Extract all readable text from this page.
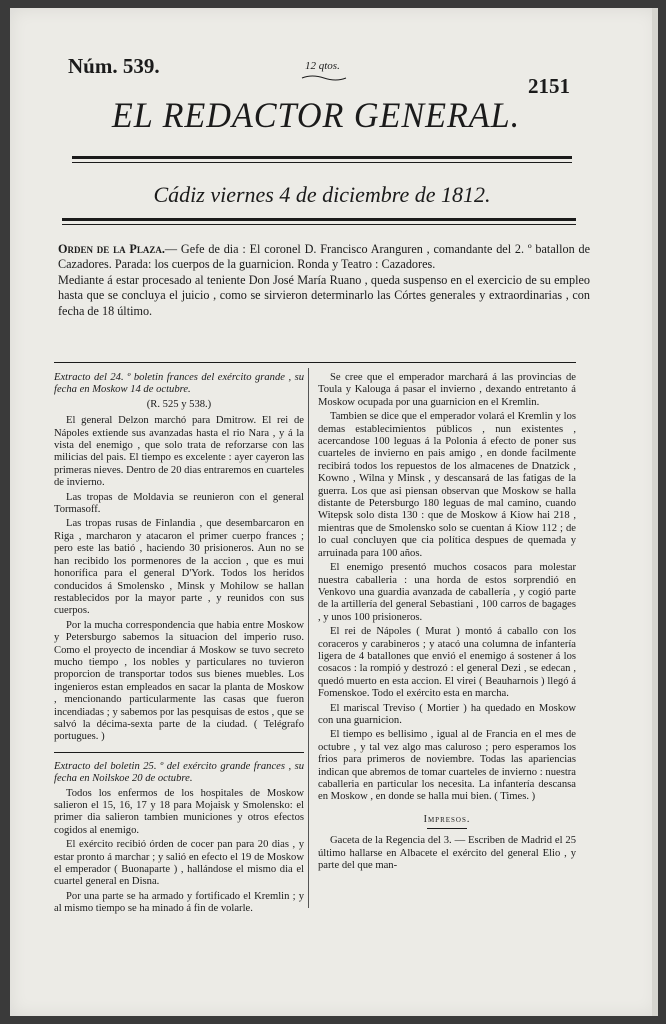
Núm. 539.	12 qtos.
2151
EL REDACTOR GENERAL.
Cádiz viernes 4 de diciembre de 1812.

Orden de la Plaza.— Gefe de dia : El coronel D. Francisco Aranguren , comandante del 2. º batallon de Cazadores. Parada: los cuerpos de la guarnicion. Ronda y Teatro : Cazadores.

Mediante á estar procesado al teniente Don José María Ruano , queda suspenso en el exercicio de su empleo hasta que se concluya el juicio , como se sirvieron determinarlo las Córtes generales y extraordinarias , con fecha de 18 último.

Extracto del 24. º boletin frances del exército grande , su fecha en Moskow 14 de octubre.

(R. 525 y 538.)

El general Delzon marchó para Dmitrow. El rei de Nápoles extiende sus avanzadas hasta el rio Nara , y á la vista del enemigo , que solo trata de reforzarse con las milicias del pais. El tiempo es excelente : ayer cayeron las primeras nieves. Dentro de 20 dias entraremos en cuarteles de invierno.

Las tropas de Moldavia se reunieron con el general Tormasoff.

Las tropas rusas de Finlandia , que desembarcaron en Riga , marcharon y atacaron el primer cuerpo frances ; pero este las batió , haciendo 30 prisioneros. Aun no se han recibido los pormenores de la accion , que es mui honorífica para el general D'York. Todos los heridos conducidos á Smolensko , Minsk y Mohilow se hallan restablecidos por la mayor parte , y reunidos con sus cuerpos.

Por la mucha correspondencia que habia entre Moskow y Petersburgo sabemos la situacion del imperio ruso. Como el proyecto de incendiar á Moskow se tuvo secreto mucho tiempo , los nobles y particulares no tuvieron proporcion de transportar todos sus bienes muebles. Los ingenieros estan empleados en sacar la planta de Moskow , mencionando particularmente las casas que fueron incendiadas ; y sabemos por las pesquisas de estos , que se salvó la décima-sexta parte de la ciudad. ( Telégrafo portugues. )

Extracto del boletin 25. º del exército grande frances , su fecha en Noilskoe 20 de octubre.

Todos los enfermos de los hospitales de Moskow salieron el 15, 16, 17 y 18 para Mojaisk y Smolensko: el primer dia salieron tambien municiones y otros efectos cogidos al enemigo.

El exército recibió órden de cocer pan para 20 dias , y estar pronto á marchar ; y salió en efecto el 19 de Moskow el emperador ( Buonaparte ) , hallándose el mismo dia el cuartel general en Disna.

Por una parte se ha armado y fortificado el Kremlin ; y al mismo tiempo se ha minado á fin de volarle.

Se cree que el emperador marchará á las provincias de Toula y Kalouga á pasar el invierno , dexando entretanto á Moskow ocupada por una guarnicion en el Kremlin.

Tambien se dice que el emperador volará el Kremlin y los demas establecimientos públicos , nun existentes , acercandose 100 leguas á la Polonia á efecto de poner sus cuarteles de invierno en pais amigo , en donde facilmente recibirá todos los repuestos de los almacenes de Dnatzick , Kowno , Wilna y Minsk , y descansará de las fatigas de la guerra. Los que asi piensan observan que Moskow se halla distante de Petersburgo 180 leguas de mal camino, cuando Witepsk solo dista 130 : que de Moskow á Kiow hai 218 , mientras que de Smolensko solo se cuentan á Kiow 112 ; de lo cual concluyen que cia política despues de quemada y arruinada para 100 años.

El enemigo presentó muchos cosacos para molestar nuestra caballeria : una horda de estos sorprendió en Venkovo una guardia avanzada de caballería , y cogió parte de la artillería del general Sebastiani , 100 carros de bagages , y unos 100 prisioneros.

El rei de Nápoles ( Murat ) montó á caballo con los coraceros y carabineros ; y atacó una columna de infantería ligera de 4 batallones que envió el enemigo á sostener á los cosacos : la rompió y destrozó : el general Dezi , se edecan , quedó muerto en esta accion. El virei ( Beauharnois ) llegó á Fomenskoe. Todo el exército esta en marcha.

El mariscal Treviso ( Mortier ) ha quedado en Moskow con una guarnicion.

El tiempo es bellisimo , igual al de Francia en el mes de octubre , y tal vez algo mas caluroso ; pero esperamos los frios para primeros de noviembre. Todas las apariencias indican que abremos de tomar cuarteles de invierno : nuestra caballeria en particular los necesita. La infantería descansa en Moskow , en donde se halla mui bien. ( Times. )

Impresos.

Gaceta de la Regencia del 3. — Escriben de Madrid el 25 último hallarse en Albacete el exército del general Elio , y parte del que man-
